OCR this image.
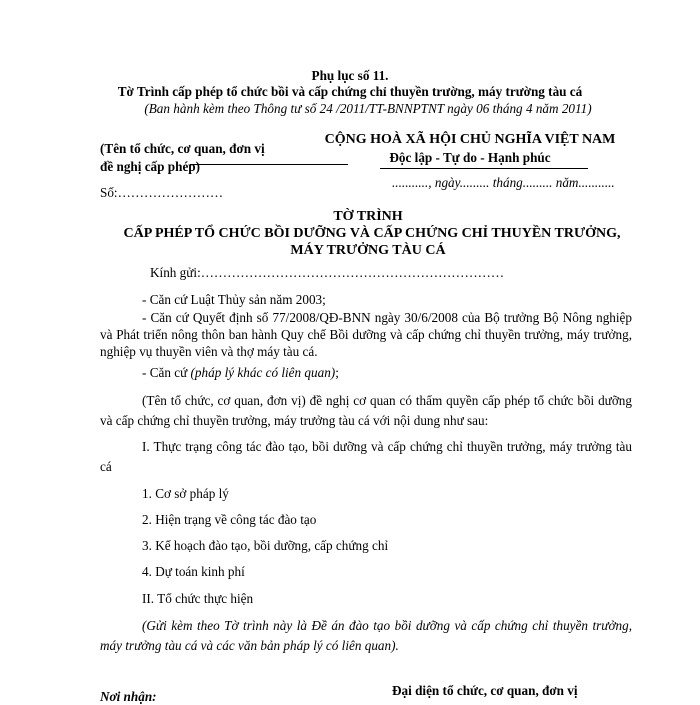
Phụ lục số 11.
Tờ Trình cấp phép tổ chức bồi và cấp chứng chỉ thuyền trường, máy trường tàu cá
(Ban hành kèm theo Thông tư số 24 /2011/TT-BNNPTNT ngày 06 tháng 4 năm 2011)
(Tên tổ chức, cơ quan, đơn vị
đề nghị cấp phép)
Số:……………………
CỘNG HOÀ XÃ HỘI CHỦ NGHĨA VIỆT NAM
Độc lập - Tự do - Hạnh phúc
..........., ngày......... tháng......... năm...........
TỜ TRÌNH
CẤP PHÉP TỔ CHỨC BỒI DƯỠNG VÀ CẤP CHỨNG CHỈ THUYỀN TRƯỞNG,
MÁY TRƯỞNG TÀU CÁ
Kính gửi:……………………………………………………………
- Căn cứ Luật Thủy sản năm 2003;
- Căn cứ Quyết định số 77/2008/QĐ-BNN ngày 30/6/2008 của Bộ trưởng Bộ Nông nghiệp và Phát triển nông thôn ban hành Quy chế Bồi dưỡng và cấp chứng chỉ thuyền trưởng, máy trưởng, nghiệp vụ thuyền viên và thợ máy tàu cá.
- Căn cứ (pháp lý khác có liên quan);
(Tên tổ chức, cơ quan, đơn vị) đề nghị cơ quan có thẩm quyền cấp phép tổ chức bồi dưỡng và cấp chứng chỉ thuyền trưởng, máy trưởng tàu cá với nội dung như sau:
I. Thực trạng công tác đào tạo, bồi dưỡng và cấp chứng chỉ thuyền trưởng, máy trưởng tàu cá
1. Cơ sở pháp lý
2. Hiện trạng về công tác đào tạo
3. Kế hoạch đào tạo, bồi dưỡng, cấp chứng chỉ
4. Dự toán kinh phí
II. Tổ chức thực hiện
(Gửi kèm theo Tờ trình này là Đề án đào tạo bồi dưỡng và cấp chứng chỉ thuyền trưởng, máy trưởng tàu cá và các văn bản pháp lý có liên quan).
Nơi nhận:	Đại diện tổ chức, cơ quan, đơn vị
